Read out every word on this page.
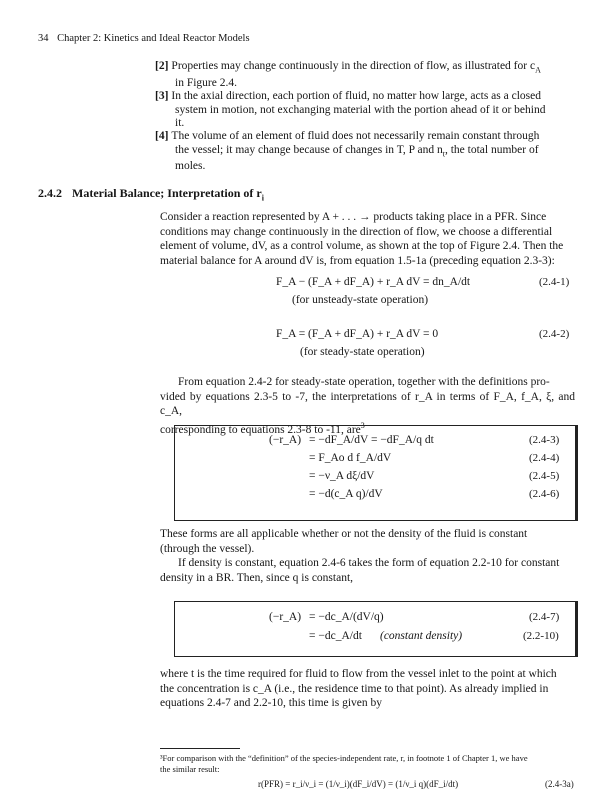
34 Chapter 2: Kinetics and Ideal Reactor Models
[2] Properties may change continuously in the direction of flow, as illustrated for $c_A$
in Figure 2.4.
[3] In the axial direction, each portion of fluid, no matter how large, acts as a closed
system in motion, not exchanging material with the portion ahead of it or behind
it.
[4] The volume of an element of fluid does not necessarily remain constant through
the vessel; it may change because of changes in T, P and $n_t$, the total number of
moles.
2.4.2 Material Balance; Interpretation of $r_i$
Consider a reaction represented by A + . . . → products taking place in a PFR. Since
conditions may change continuously in the direction of flow, we choose a differential
element of volume, dV, as a control volume, as shown at the top of Figure 2.4. Then the
material balance for A around dV is, from equation 1.5-1a (preceding equation 2.3-3):
F_A − (F_A + dF_A) + r_A dV = dn_A/dt	(2.4-1)
(for unsteady-state operation)
F_A = (F_A + dF_A) + r_A dV = 0	(2.4-2)
(for steady-state operation)
From equation 2.4-2 for steady-state operation, together with the definitions pro-
vided by equations 2.3-5 to -7, the interpretations of r_A in terms of F_A, f_A, ξ, and c_A,
corresponding to equations 2.3-8 to -11, are$^3$
(−r_A) = −dF_A/dV = −dF_A/q dt	(2.4-3)
= F_Ao d f_A/dV	(2.4-4)
= −ν_A dξ/dV	(2.4-5)
= −d(c_A q)/dV	(2.4-6)
These forms are all applicable whether or not the density of the fluid is constant
(through the vessel).
If density is constant, equation 2.4-6 takes the form of equation 2.2-10 for constant
density in a BR. Then, since q is constant,
(−r_A) = −dc_A/(dV/q)	(2.4-7)
= −dc_A/dt (constant density)	(2.2-10)
where t is the time required for fluid to flow from the vessel inlet to the point at which
the concentration is c_A (i.e., the residence time to that point). As already implied in
equations 2.4-7 and 2.2-10, this time is given by
³For comparison with the “definition” of the species-independent rate, r, in footnote 1 of Chapter 1, we have
the similar result:
r(PFR) = r_i/ν_i = (1/ν_i)(dF_i/dV) = (1/ν_i q)(dF_i/dt)	(2.4-3a)
